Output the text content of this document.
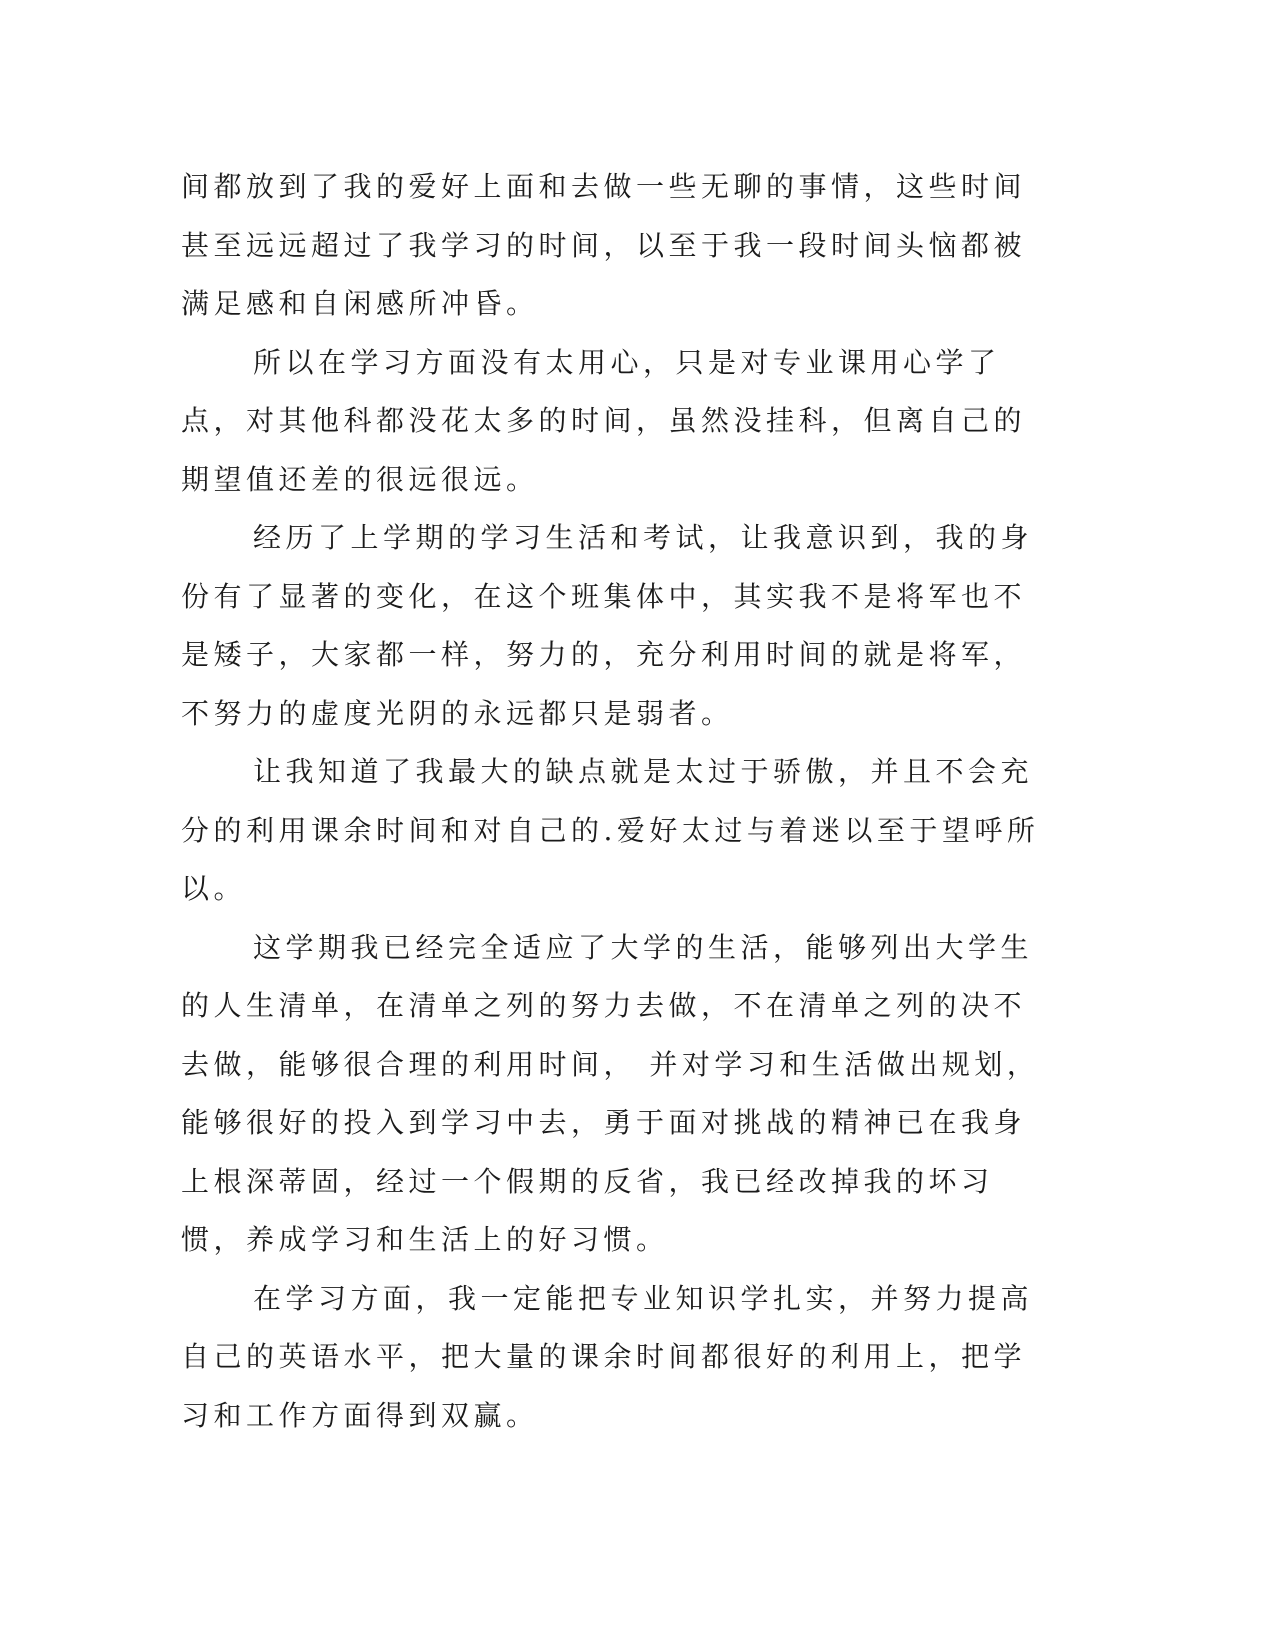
间都放到了我的爱好上面和去做一些无聊的事情，这些时间甚至远远超过了我学习的时间，以至于我一段时间头恼都被满足感和自闲感所冲昏。

所以在学习方面没有太用心，只是对专业课用心学了点，对其他科都没花太多的时间，虽然没挂科，但离自己的期望值还差的很远很远。

经历了上学期的学习生活和考试，让我意识到，我的身份有了显著的变化，在这个班集体中，其实我不是将军也不是矮子，大家都一样，努力的，充分利用时间的就是将军，不努力的虚度光阴的永远都只是弱者。

让我知道了我最大的缺点就是太过于骄傲，并且不会充分的利用课余时间和对自己的.爱好太过与着迷以至于望呼所以。

这学期我已经完全适应了大学的生活，能够列出大学生的人生清单，在清单之列的努力去做，不在清单之列的决不去做，能够很合理的利用时间， 并对学习和生活做出规划，能够很好的投入到学习中去，勇于面对挑战的精神已在我身上根深蒂固，经过一个假期的反省，我已经改掉我的坏习惯，养成学习和生活上的好习惯。

在学习方面，我一定能把专业知识学扎实，并努力提高自己的英语水平，把大量的课余时间都很好的利用上，把学习和工作方面得到双赢。
